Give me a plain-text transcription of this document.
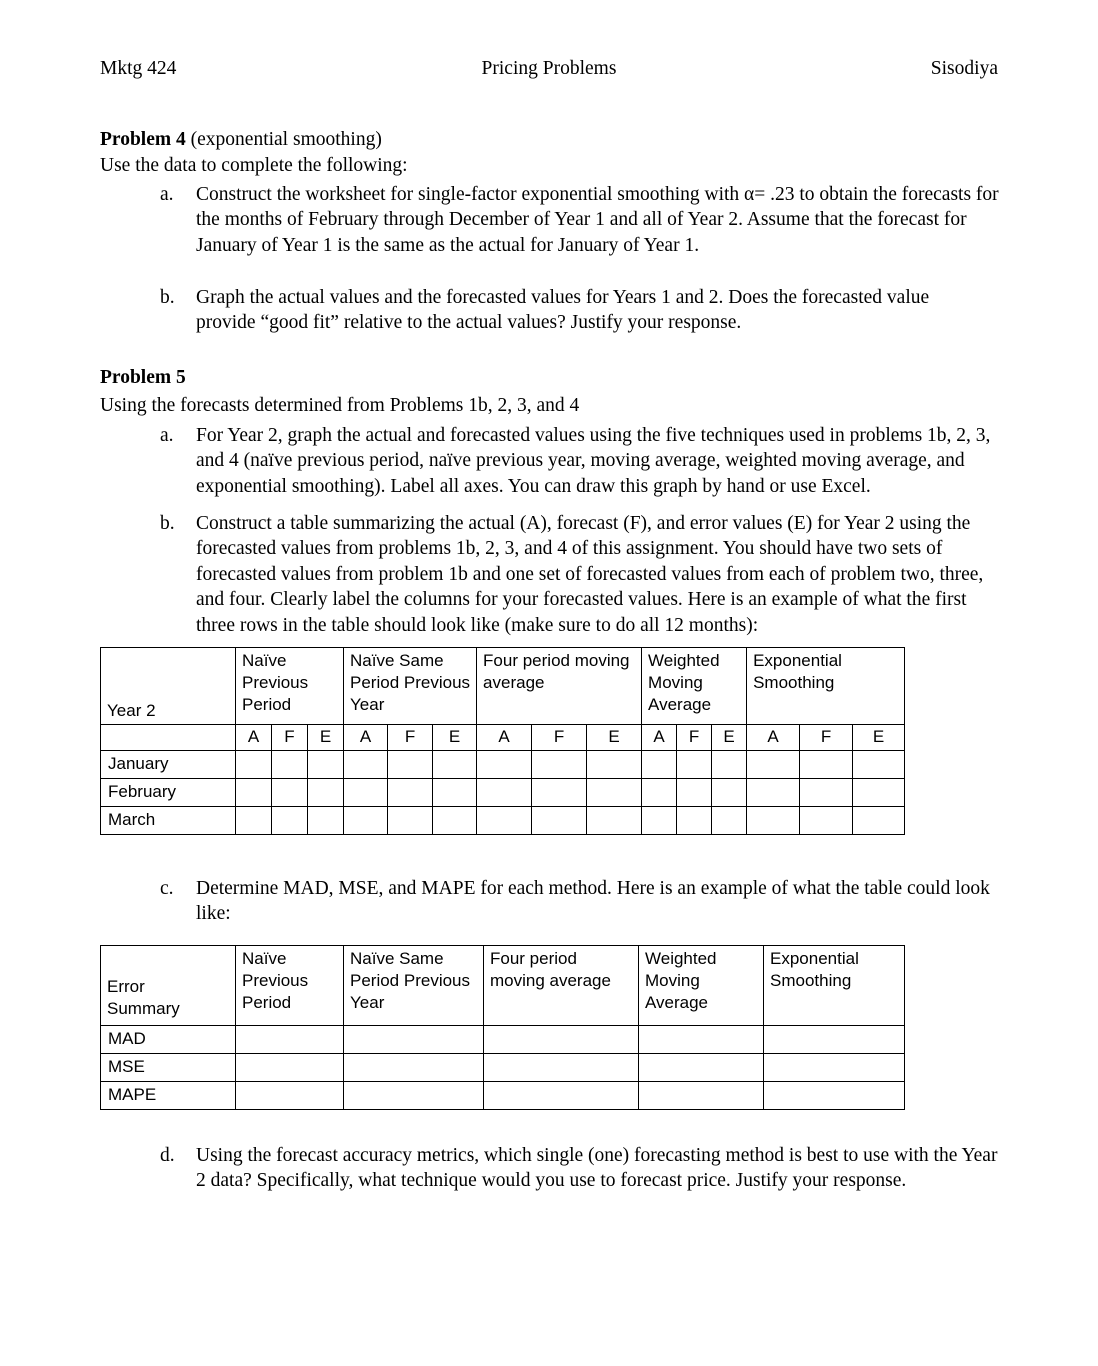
Mktg 424	Pricing Problems	Sisodiya
Problem 4 (exponential smoothing)
Use the data to complete the following:
a.	Construct the worksheet for single-factor exponential smoothing with α= .23 to obtain the forecasts for the months of February through December of Year 1 and all of Year 2. Assume that the forecast for January of Year 1 is the same as the actual for January of Year 1.
b.	Graph the actual values and the forecasted values for Years 1 and 2. Does the forecasted value provide “good fit” relative to the actual values? Justify your response.
Problem 5
Using the forecasts determined from Problems 1b, 2, 3, and 4
a.	For Year 2, graph the actual and forecasted values using the five techniques used in problems 1b, 2, 3, and 4 (naïve previous period, naïve previous year, moving average, weighted moving average, and exponential smoothing). Label all axes. You can draw this graph by hand or use Excel.
b.	Construct a table summarizing the actual (A), forecast (F), and error values (E) for Year 2 using the forecasted values from problems 1b, 2, 3, and 4 of this assignment. You should have two sets of forecasted values from problem 1b and one set of forecasted values from each of problem two, three, and four. Clearly label the columns for your forecasted values. Here is an example of what the first three rows in the table should look like (make sure to do all 12 months):
Year 2	Naïve Previous Period			Naïve Same Period Previous Year			Four period moving average			Weighted Moving Average			Exponential Smoothing		
	A	F	E	A	F	E	A	F	E	A	F	E	A	F	E
January															
February															
March															
c.	Determine MAD, MSE, and MAPE for each method. Here is an example of what the table could look like:
Error
Summary	Naïve Previous Period	Naïve Same Period Previous Year	Four period moving average	Weighted Moving Average	Exponential Smoothing
MAD					
MSE					
MAPE					
d.	Using the forecast accuracy metrics, which single (one) forecasting method is best to use with the Year 2 data? Specifically, what technique would you use to forecast price. Justify your response.
